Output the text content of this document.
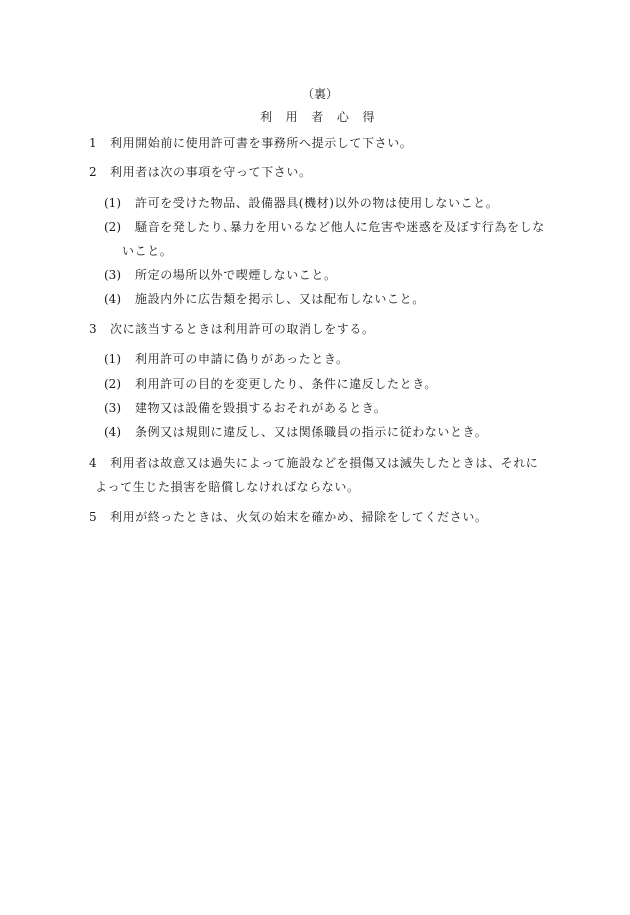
（裏）
利 用 者 心 得
1 利用開始前に使用許可書を事務所へ提示して下さい。
2 利用者は次の事項を守って下さい。
(1) 許可を受けた物品、設備器具(機材)以外の物は使用しないこと。
(2) 騒音を発したり､暴力を用いるなど他人に危害や迷惑を及ぼす行為をしな
いこと。
(3) 所定の場所以外で喫煙しないこと。
(4) 施設内外に広告類を掲示し、又は配布しないこと。
3 次に該当するときは利用許可の取消しをする。
(1) 利用許可の申請に偽りがあったとき。
(2) 利用許可の目的を変更したり、条件に違反したとき。
(3) 建物又は設備を毀損するおそれがあるとき。
(4) 条例又は規則に違反し、又は関係職員の指示に従わないとき。
4 利用者は故意又は過失によって施設などを損傷又は滅失したときは、それに
よって生じた損害を賠償しなければならない。
5 利用が終ったときは、火気の始末を確かめ、掃除をしてください。
